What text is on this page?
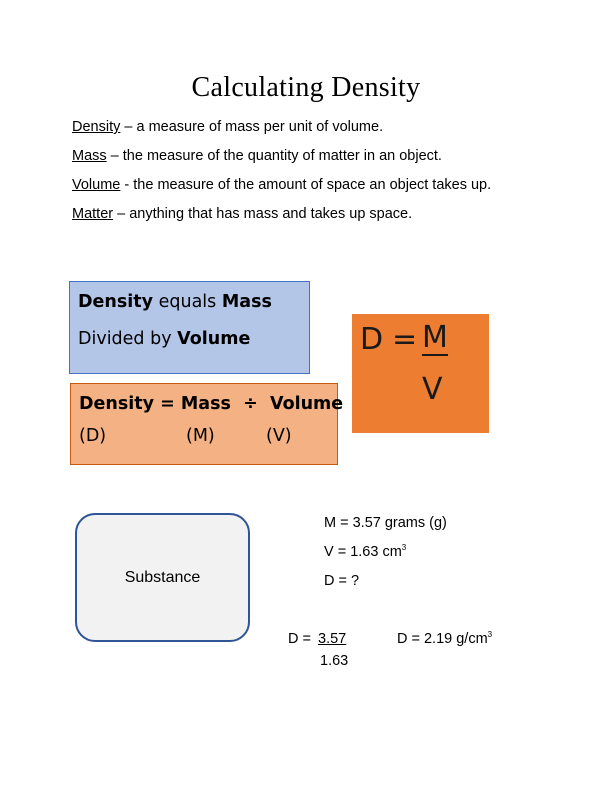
Calculating Density

Density – a measure of mass per unit of volume.

Mass – the measure of the quantity of matter in an object.

Volume - the measure of the amount of space an object takes up.

Matter – anything that has mass and takes up space.

Density equals Mass
Divided by Volume
Density = Mass  ÷  Volume
(D)	(M)	(V)
D = M
V
Substance
M = 3.57 grams (g)
V = 1.63 $cm^3$
D = ?
D = 3.57
1.63
D = 2.19 $g/cm^3$
